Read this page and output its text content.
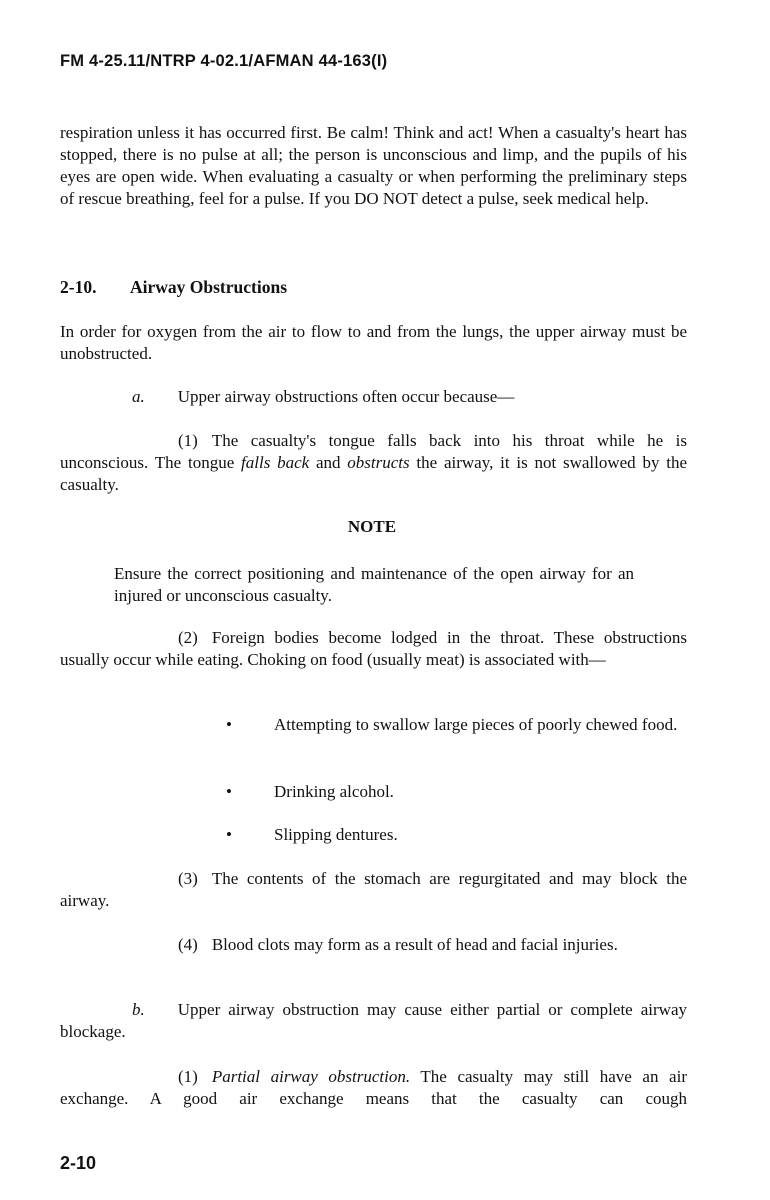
FM 4-25.11/NTRP 4-02.1/AFMAN 44-163(I)

respiration unless it has occurred first. Be calm! Think and act! When a casualty's heart has stopped, there is no pulse at all; the person is unconscious and limp, and the pupils of his eyes are open wide. When evaluating a casualty or when performing the preliminary steps of rescue breathing, feel for a pulse. If you DO NOT detect a pulse, seek medical help.

2-10. Airway Obstructions

In order for oxygen from the air to flow to and from the lungs, the upper airway must be unobstructed.

a. Upper airway obstructions often occur because—

(1) The casualty's tongue falls back into his throat while he is unconscious. The tongue falls back and obstructs the airway, it is not swallowed by the casualty.

NOTE

Ensure the correct positioning and maintenance of the open airway for an injured or unconscious casualty.

(2) Foreign bodies become lodged in the throat. These obstructions usually occur while eating. Choking on food (usually meat) is associated with—

• Attempting to swallow large pieces of poorly chewed food.

• Drinking alcohol.
• Slipping dentures.

(3) The contents of the stomach are regurgitated and may block the airway.

(4) Blood clots may form as a result of head and facial injuries.

b. Upper airway obstruction may cause either partial or complete airway blockage.

(1) Partial airway obstruction. The casualty may still have an air exchange. A good air exchange means that the casualty can cough

2-10
